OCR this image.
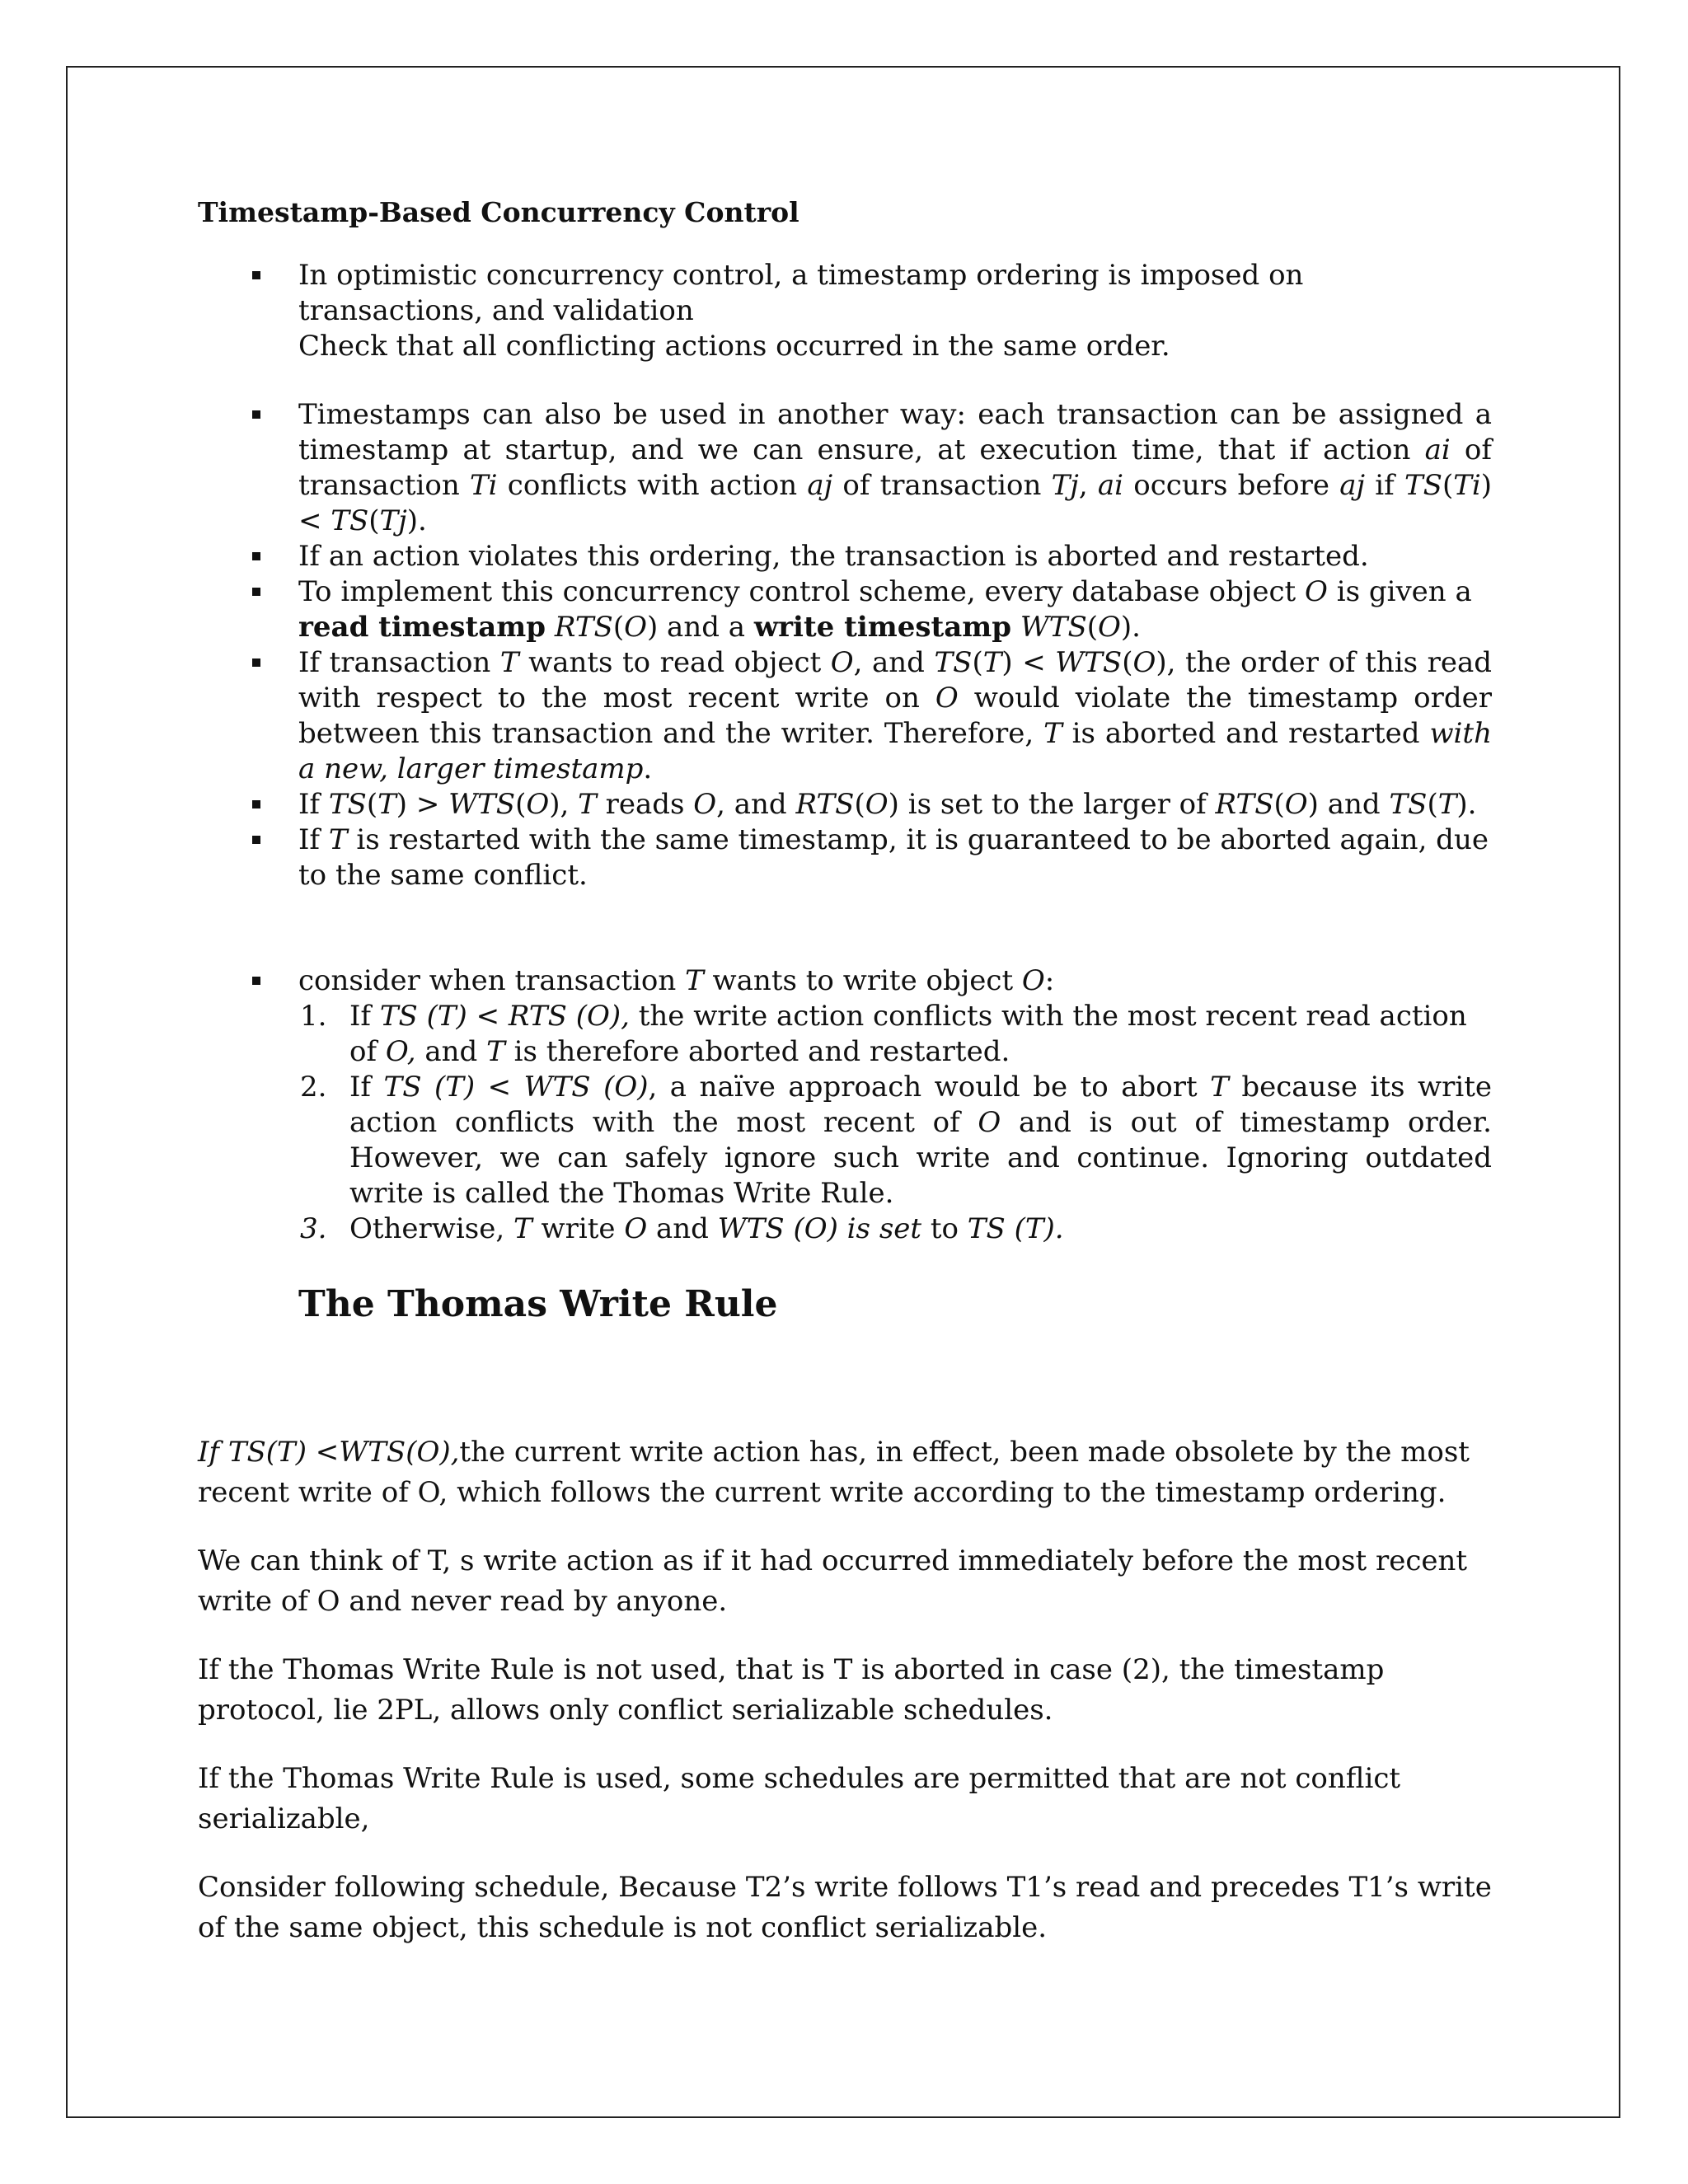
Timestamp-Based Concurrency Control
In optimistic concurrency control, a timestamp ordering is imposed on transactions, and validation
Check that all conflicting actions occurred in the same order.
Timestamps can also be used in another way: each transaction can be assigned a timestamp at startup, and we can ensure, at execution time, that if action ai of transaction Ti conflicts with action aj of transaction Tj, ai occurs before aj if TS(Ti) < TS(Tj).
If an action violates this ordering, the transaction is aborted and restarted.
To implement this concurrency control scheme, every database object O is given a read timestamp RTS(O) and a write timestamp WTS(O).
If transaction T wants to read object O, and TS(T) < WTS(O), the order of this read with respect to the most recent write on O would violate the timestamp order between this transaction and the writer. Therefore, T is aborted and restarted with a new, larger timestamp.
If TS(T) > WTS(O), T reads O, and RTS(O) is set to the larger of RTS(O) and TS(T).
If T is restarted with the same timestamp, it is guaranteed to be aborted again, due to the same conflict.
consider when transaction T wants to write object O:
1. If TS (T) < RTS (O), the write action conflicts with the most recent read action of O, and T is therefore aborted and restarted.
2. If TS (T) < WTS (O), a naïve approach would be to abort T because its write action conflicts with the most recent of O and is out of timestamp order. However, we can safely ignore such write and continue. Ignoring outdated write is called the Thomas Write Rule.
3. Otherwise, T write O and WTS (O) is set to TS (T).
The Thomas Write Rule

If TS(T) <WTS(O),the current write action has, in effect, been made obsolete by the most recent write of O, which follows the current write according to the timestamp ordering.

We can think of T, s write action as if it had occurred immediately before the most recent write of O and never read by anyone.

If the Thomas Write Rule is not used, that is T is aborted in case (2), the timestamp protocol, lie 2PL, allows only conflict serializable schedules.

If the Thomas Write Rule is used, some schedules are permitted that are not conflict serializable,

Consider following schedule, Because T2’s write follows T1’s read and precedes T1’s write of the same object, this schedule is not conflict serializable.
